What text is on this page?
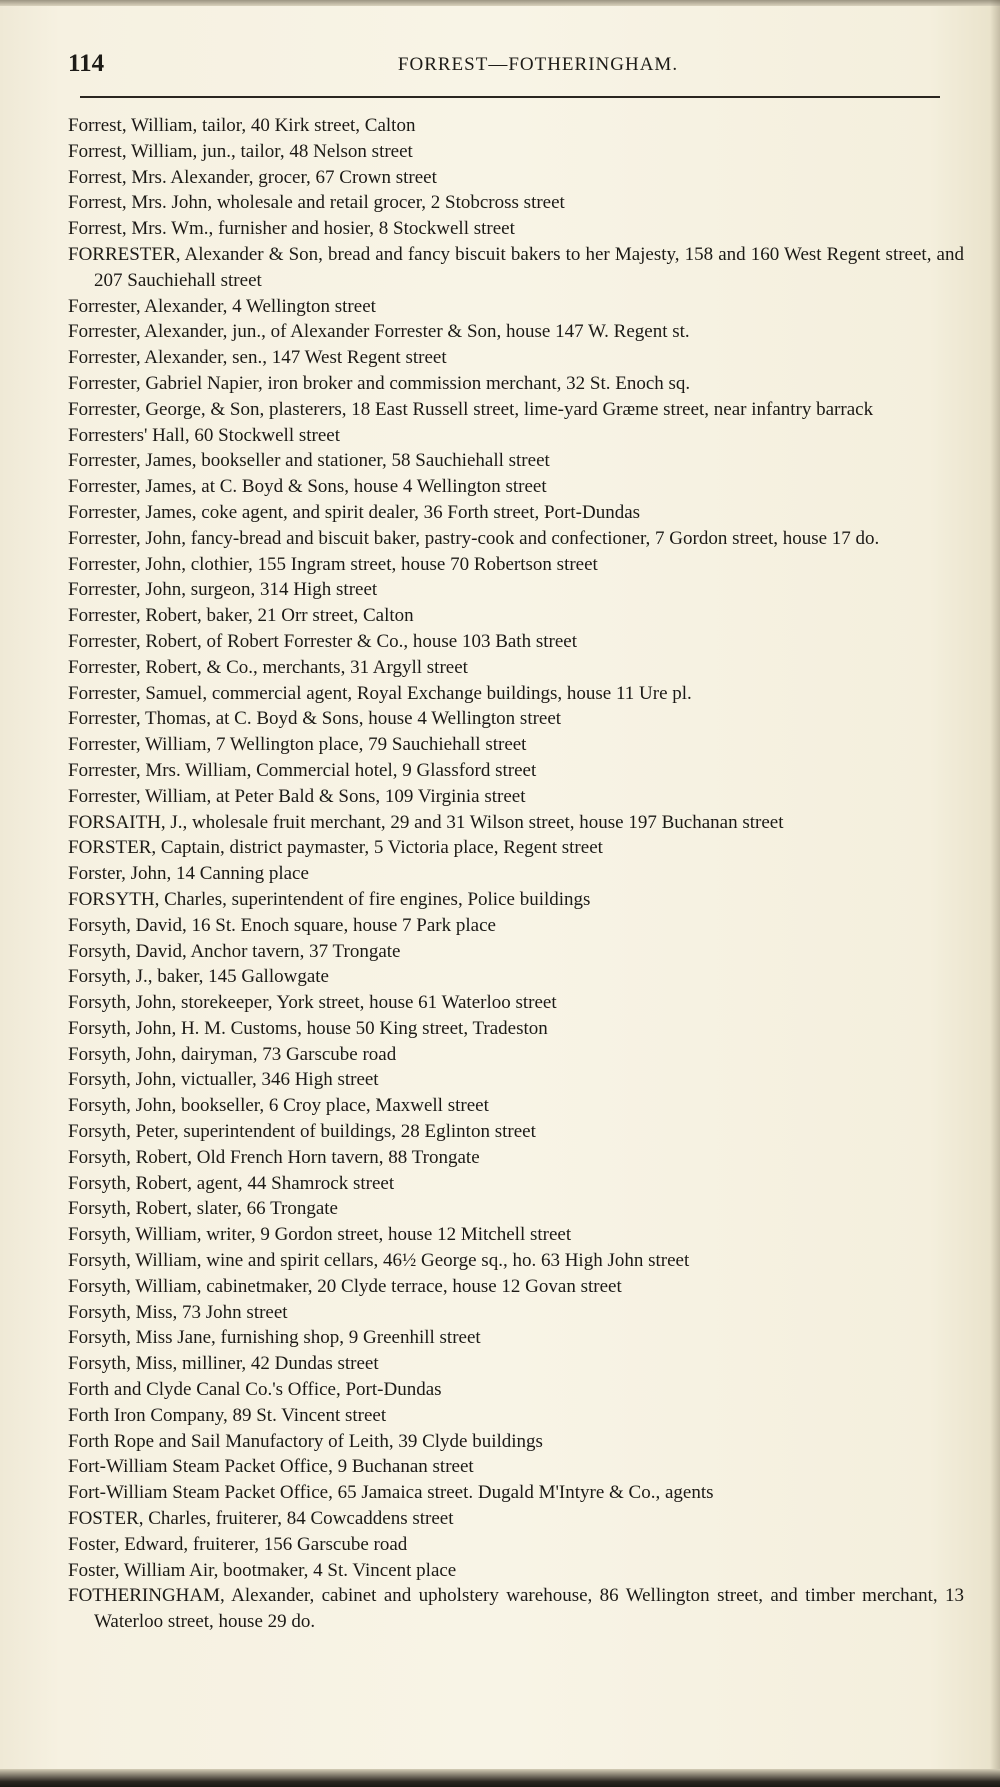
114	FORREST—FOTHERINGHAM.
Forrest, William, tailor, 40 Kirk street, Calton
Forrest, William, jun., tailor, 48 Nelson street
Forrest, Mrs. Alexander, grocer, 67 Crown street
Forrest, Mrs. John, wholesale and retail grocer, 2 Stobcross street
Forrest, Mrs. Wm., furnisher and hosier, 8 Stockwell street
FORRESTER, Alexander & Son, bread and fancy biscuit bakers to her Majesty, 158 and 160 West Regent street, and 207 Sauchiehall street
Forrester, Alexander, 4 Wellington street
Forrester, Alexander, jun., of Alexander Forrester & Son, house 147 W. Regent st.
Forrester, Alexander, sen., 147 West Regent street
Forrester, Gabriel Napier, iron broker and commission merchant, 32 St. Enoch sq.
Forrester, George, & Son, plasterers, 18 East Russell street, lime-yard Græme street, near infantry barrack
Forresters' Hall, 60 Stockwell street
Forrester, James, bookseller and stationer, 58 Sauchiehall street
Forrester, James, at C. Boyd & Sons, house 4 Wellington street
Forrester, James, coke agent, and spirit dealer, 36 Forth street, Port-Dundas
Forrester, John, fancy-bread and biscuit baker, pastry-cook and confectioner, 7 Gordon street, house 17 do.
Forrester, John, clothier, 155 Ingram street, house 70 Robertson street
Forrester, John, surgeon, 314 High street
Forrester, Robert, baker, 21 Orr street, Calton
Forrester, Robert, of Robert Forrester & Co., house 103 Bath street
Forrester, Robert, & Co., merchants, 31 Argyll street
Forrester, Samuel, commercial agent, Royal Exchange buildings, house 11 Ure pl.
Forrester, Thomas, at C. Boyd & Sons, house 4 Wellington street
Forrester, William, 7 Wellington place, 79 Sauchiehall street
Forrester, Mrs. William, Commercial hotel, 9 Glassford street
Forrester, William, at Peter Bald & Sons, 109 Virginia street
FORSAITH, J., wholesale fruit merchant, 29 and 31 Wilson street, house 197 Buchanan street
FORSTER, Captain, district paymaster, 5 Victoria place, Regent street
Forster, John, 14 Canning place
FORSYTH, Charles, superintendent of fire engines, Police buildings
Forsyth, David, 16 St. Enoch square, house 7 Park place
Forsyth, David, Anchor tavern, 37 Trongate
Forsyth, J., baker, 145 Gallowgate
Forsyth, John, storekeeper, York street, house 61 Waterloo street
Forsyth, John, H. M. Customs, house 50 King street, Tradeston
Forsyth, John, dairyman, 73 Garscube road
Forsyth, John, victualler, 346 High street
Forsyth, John, bookseller, 6 Croy place, Maxwell street
Forsyth, Peter, superintendent of buildings, 28 Eglinton street
Forsyth, Robert, Old French Horn tavern, 88 Trongate
Forsyth, Robert, agent, 44 Shamrock street
Forsyth, Robert, slater, 66 Trongate
Forsyth, William, writer, 9 Gordon street, house 12 Mitchell street
Forsyth, William, wine and spirit cellars, 46½ George sq., ho. 63 High John street
Forsyth, William, cabinetmaker, 20 Clyde terrace, house 12 Govan street
Forsyth, Miss, 73 John street
Forsyth, Miss Jane, furnishing shop, 9 Greenhill street
Forsyth, Miss, milliner, 42 Dundas street
Forth and Clyde Canal Co.'s Office, Port-Dundas
Forth Iron Company, 89 St. Vincent street
Forth Rope and Sail Manufactory of Leith, 39 Clyde buildings
Fort-William Steam Packet Office, 9 Buchanan street
Fort-William Steam Packet Office, 65 Jamaica street. Dugald M'Intyre & Co., agents
FOSTER, Charles, fruiterer, 84 Cowcaddens street
Foster, Edward, fruiterer, 156 Garscube road
Foster, William Air, bootmaker, 4 St. Vincent place
FOTHERINGHAM, Alexander, cabinet and upholstery warehouse, 86 Wellington street, and timber merchant, 13 Waterloo street, house 29 do.
